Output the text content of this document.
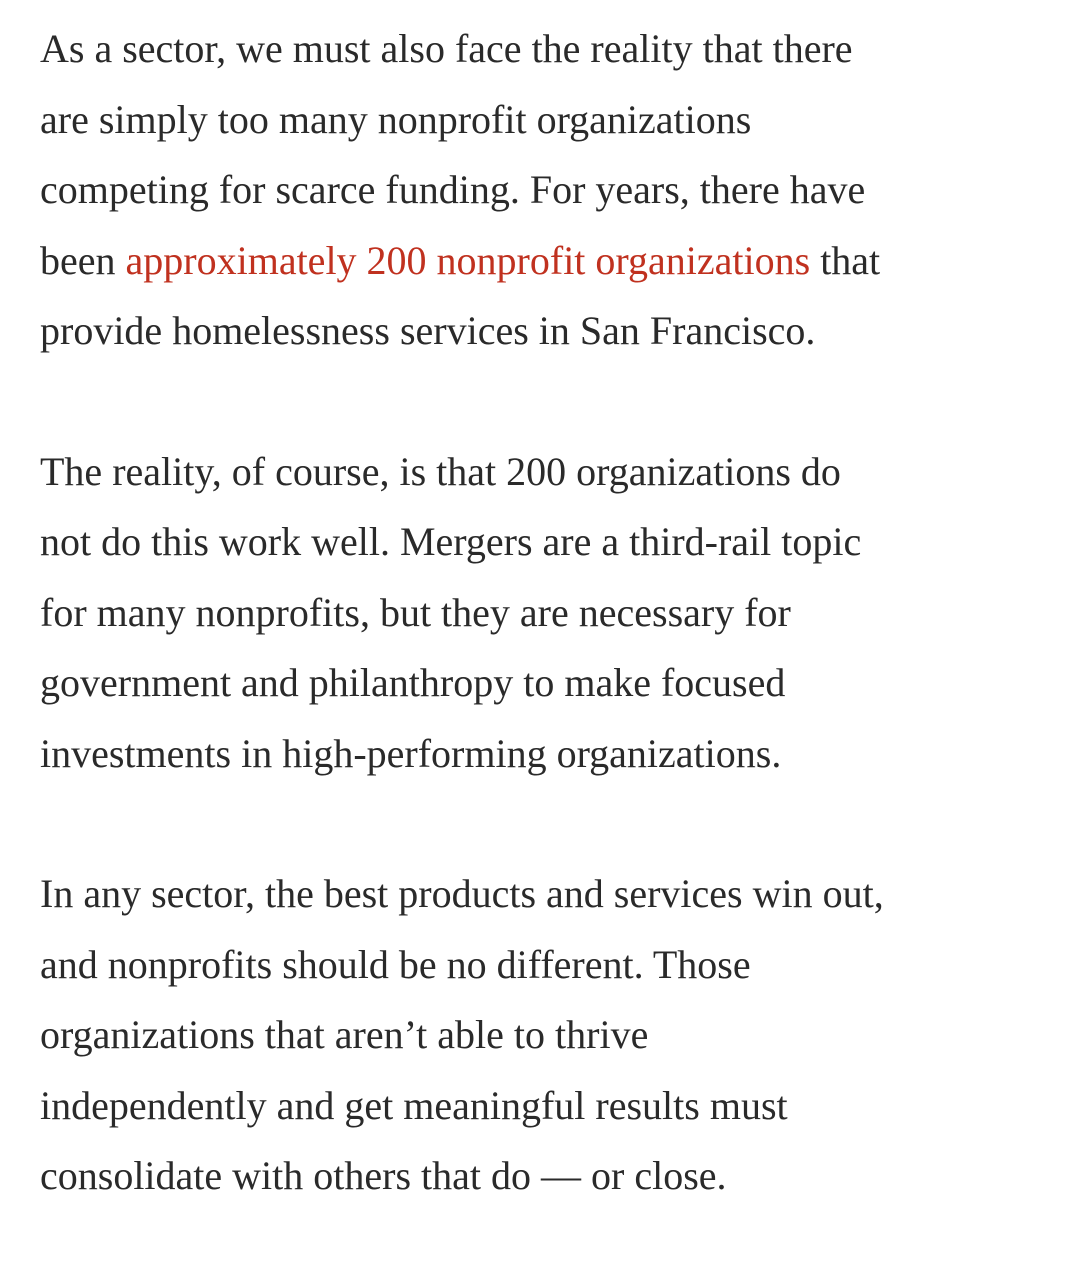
As a sector, we must also face the reality that there
are simply too many nonprofit organizations
competing for scarce funding. For years, there have
been approximately 200 nonprofit organizations that
provide homelessness services in San Francisco.

The reality, of course, is that 200 organizations do
not do this work well. Mergers are a third-rail topic
for many nonprofits, but they are necessary for
government and philanthropy to make focused
investments in high-performing organizations.

In any sector, the best products and services win out,
and nonprofits should be no different. Those
organizations that aren’t able to thrive
independently and get meaningful results must
consolidate with others that do — or close.
